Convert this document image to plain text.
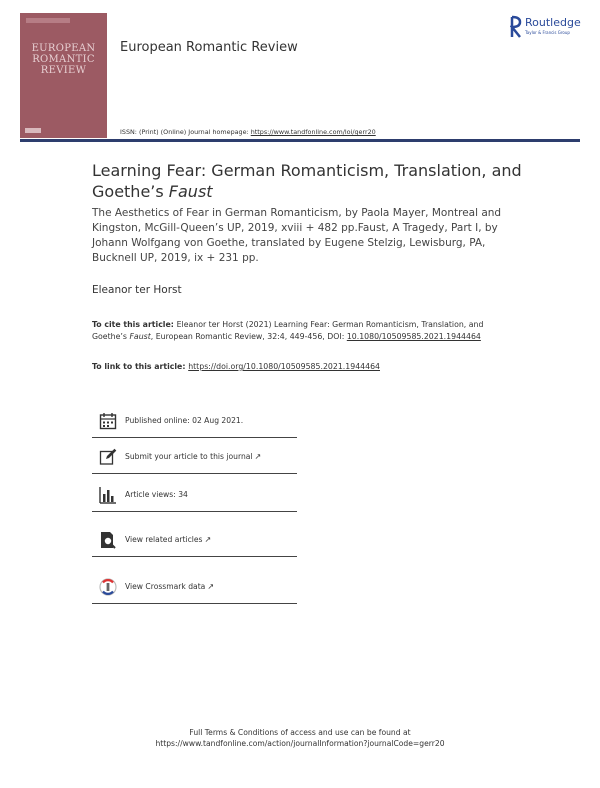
EUROPEAN
ROMANTIC
REVIEW
European Romantic Review
Routledge
Taylor & Francis Group
ISSN: (Print) (Online) Journal homepage: https://www.tandfonline.com/loi/gerr20
Learning Fear: German Romanticism, Translation, and Goethe’s Faust
The Aesthetics of Fear in German Romanticism, by Paola Mayer, Montreal and Kingston, McGill-Queen’s UP, 2019, xviii + 482 pp.Faust, A Tragedy, Part I, by Johann Wolfgang von Goethe, translated by Eugene Stelzig, Lewisburg, PA, Bucknell UP, 2019, ix + 231 pp.
Eleanor ter Horst
To cite this article: Eleanor ter Horst (2021) Learning Fear: German Romanticism, Translation, and Goethe’s Faust, European Romantic Review, 32:4, 449-456, DOI: 10.1080/10509585.2021.1944464
To link to this article: https://doi.org/10.1080/10509585.2021.1944464
Published online: 02 Aug 2021.
Submit your article to this journal ↗
Article views: 34
View related articles ↗
View Crossmark data ↗
Full Terms & Conditions of access and use can be found at
https://www.tandfonline.com/action/journalInformation?journalCode=gerr20
